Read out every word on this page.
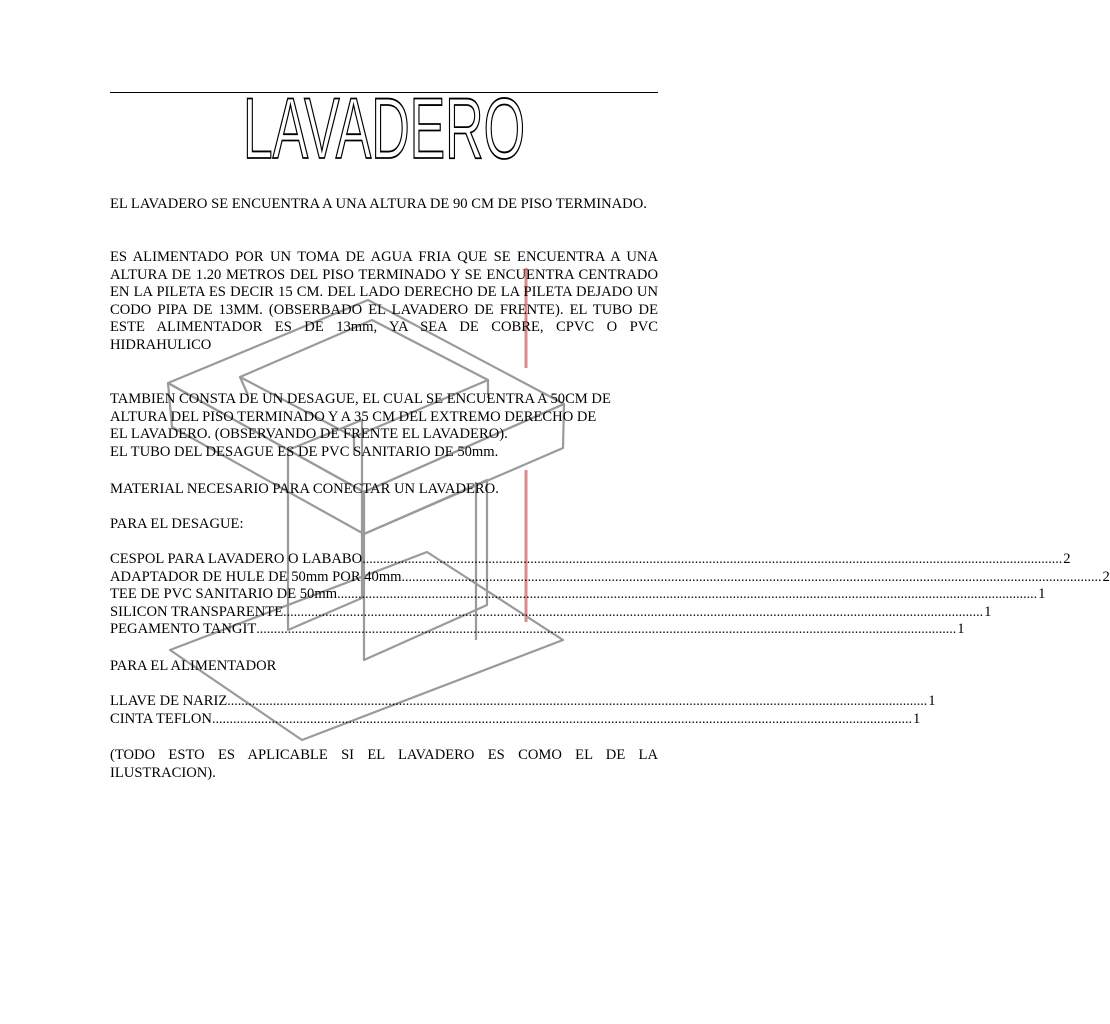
LAVADERO
EL LAVADERO SE ENCUENTRA A UNA ALTURA DE 90 CM DE PISO TERMINADO.
ES ALIMENTADO POR UN TOMA DE AGUA FRIA QUE SE ENCUENTRA A UNA ALTURA DE 1.20 METROS DEL PISO TERMINADO Y SE ENCUENTRA CENTRADO EN LA PILETA ES DECIR 15 CM. DEL LADO DERECHO DE LA PILETA DEJADO UN CODO PIPA DE 13MM. (OBSERBADO EL LAVADERO DE FRENTE). EL TUBO DE ESTE ALIMENTADOR ES DE 13mm, YA SEA DE COBRE, CPVC O PVC HIDRAHULICO
TAMBIEN CONSTA DE UN DESAGUE, EL CUAL SE ENCUENTRA A 50CM DE
ALTURA DEL PISO TERMINADO Y A 35 CM DEL EXTREMO DERECHO DE
EL LAVADERO. (OBSERVANDO DE FRENTE EL LAVADERO).
EL TUBO DEL DESAGUE ES DE PVC SANITARIO DE 50mm.
MATERIAL NECESARIO PARA CONECTAR UN LAVADERO.
PARA EL DESAGUE:
CESPOL PARA LAVADERO O LABABO ........................................................................................................................................................................................................ 2
ADAPTADOR DE HULE DE 50mm POR 40mm ........................................................................................................................................................................................................ 2
TEE DE PVC SANITARIO DE 50mm ........................................................................................................................................................................................................ 1
SILICON TRANSPARENTE ........................................................................................................................................................................................................ 1
PEGAMENTO TANGIT ........................................................................................................................................................................................................ 1
PARA EL ALIMENTADOR
LLAVE DE NARIZ ........................................................................................................................................................................................................ 1
CINTA TEFLON ........................................................................................................................................................................................................ 1
(TODO ESTO ES APLICABLE SI EL LAVADERO ES COMO EL DE LA ILUSTRACION).
